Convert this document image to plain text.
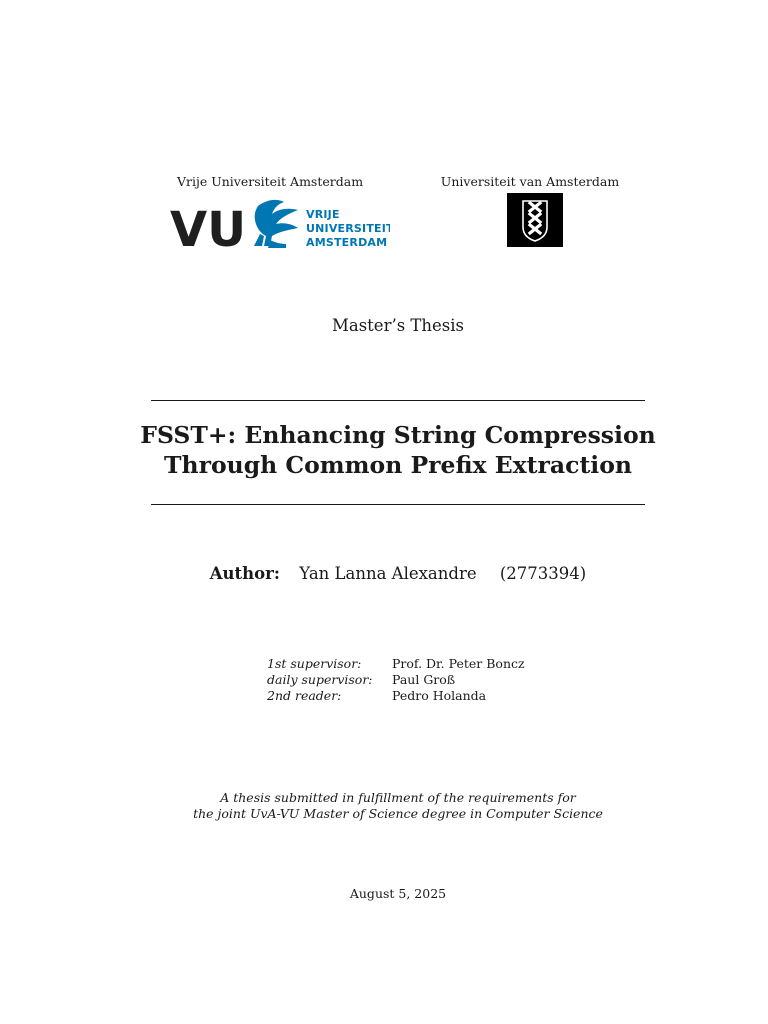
Vrije Universiteit Amsterdam	Universiteit van Amsterdam
VU	VRIJE
UNIVERSITEIT
AMSTERDAM
Master’s Thesis
FSST+: Enhancing String Compression
Through Common Prefix Extraction
Author: Yan Lanna Alexandre (2773394)
1st supervisor: Prof. Dr. Peter Boncz
daily supervisor: Paul Groß
2nd reader:	Pedro Holanda
A thesis submitted in fulfillment of the requirements for
the joint UvA-VU Master of Science degree in Computer Science
August 5, 2025
